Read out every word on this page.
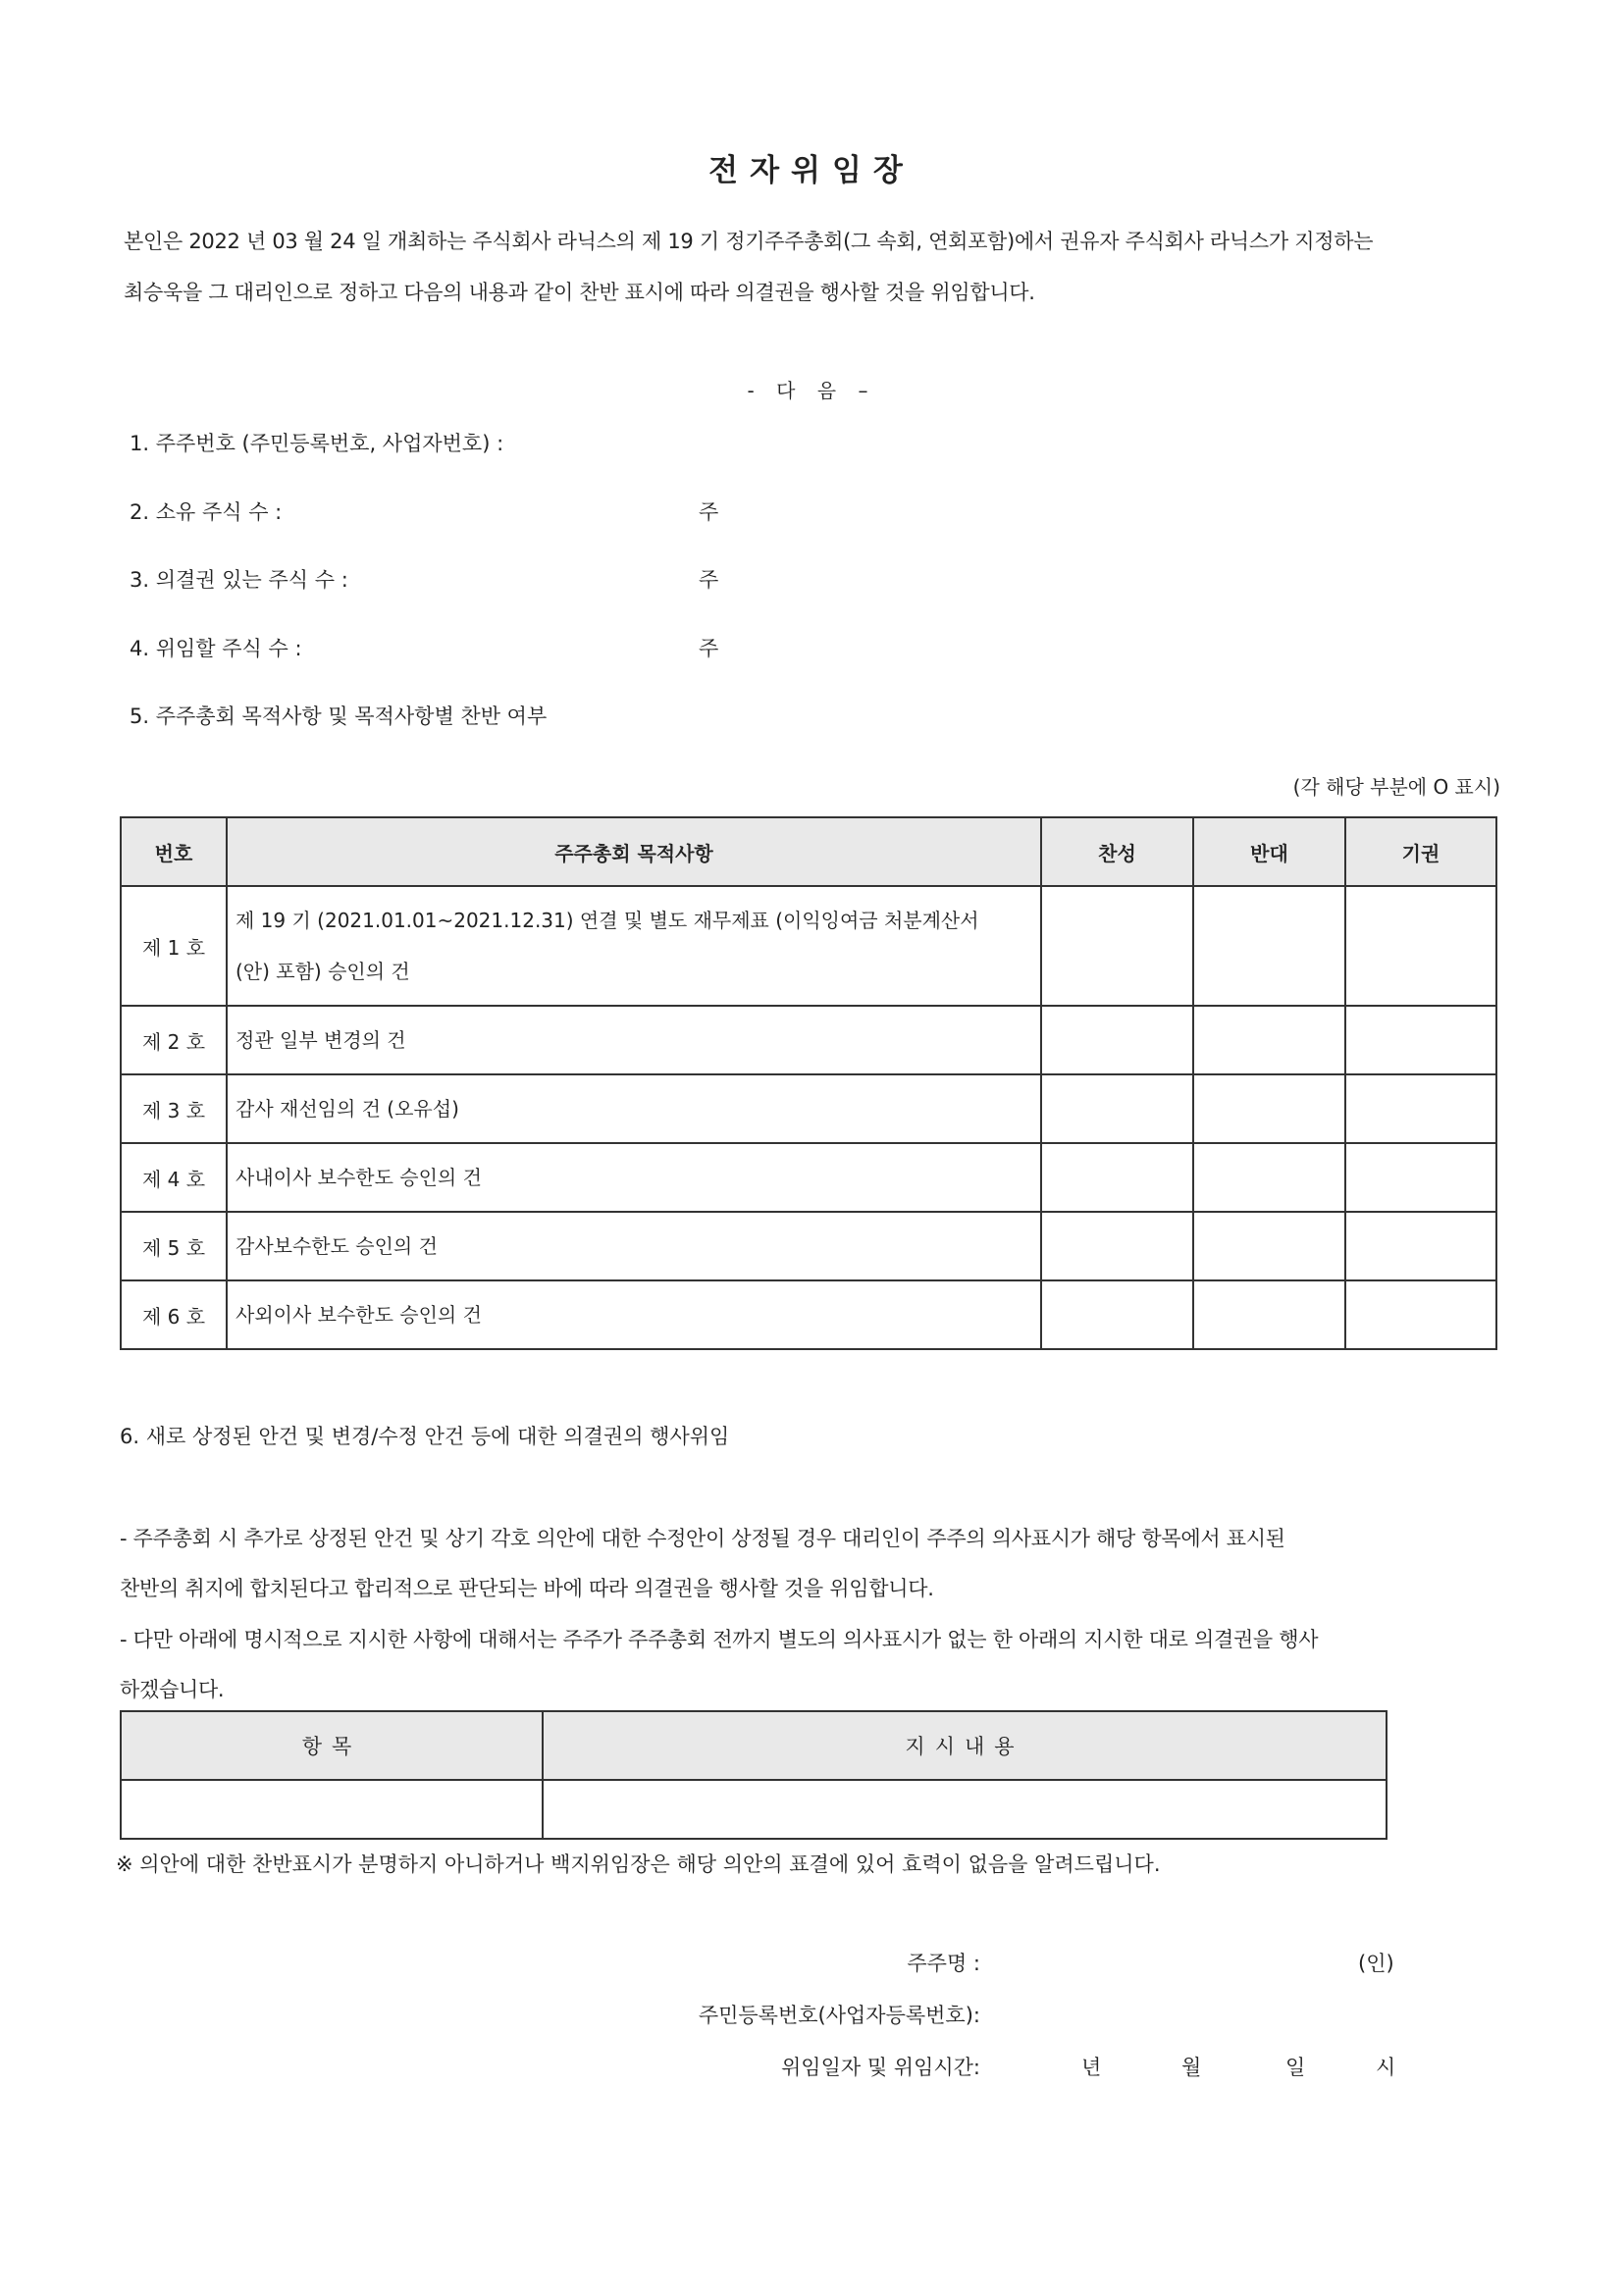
전자위임장
본인은 2022 년 03 월 24 일 개최하는 주식회사 라닉스의 제 19 기 정기주주총회(그 속회, 연회포함)에서 권유자 주식회사 라닉스가 지정하는
최승욱을 그 대리인으로 정하고 다음의 내용과 같이 찬반 표시에 따라 의결권을 행사할 것을 위임합니다.
- 다 음 –
1. 주주번호 (주민등록번호, 사업자번호) :
2. 소유 주식 수 :	주
3. 의결권 있는 주식 수 :	주
4. 위임할 주식 수 :	주
5. 주주총회 목적사항 및 목적사항별 찬반 여부
(각 해당 부분에 O 표시)
번호	주주총회 목적사항	찬성	반대	기권
제 1 호	제 19 기 (2021.01.01~2021.12.31) 연결 및 별도 재무제표 (이익잉여금 처분계산서
(안) 포함) 승인의 건			

제 2 호	정관 일부 변경의 건			
제 3 호	감사 재선임의 건 (오유섭)			
제 4 호	사내이사 보수한도 승인의 건			
제 5 호	감사보수한도 승인의 건			
제 6 호	사외이사 보수한도 승인의 건			
6. 새로 상정된 안건 및 변경/수정 안건 등에 대한 의결권의 행사위임
- 주주총회 시 추가로 상정된 안건 및 상기 각호 의안에 대한 수정안이 상정될 경우 대리인이 주주의 의사표시가 해당 항목에서 표시된
찬반의 취지에 합치된다고 합리적으로 판단되는 바에 따라 의결권을 행사할 것을 위임합니다.
- 다만 아래에 명시적으로 지시한 사항에 대해서는 주주가 주주총회 전까지 별도의 의사표시가 없는 한 아래의 지시한 대로 의결권을 행사
하겠습니다.
항목	지시내용

※ 의안에 대한 찬반표시가 분명하지 아니하거나 백지위임장은 해당 의안의 표결에 있어 효력이 없음을 알려드립니다.
주주명 :	(인)
주민등록번호(사업자등록번호):
위임일자 및 위임시간:	년	월	일	시
